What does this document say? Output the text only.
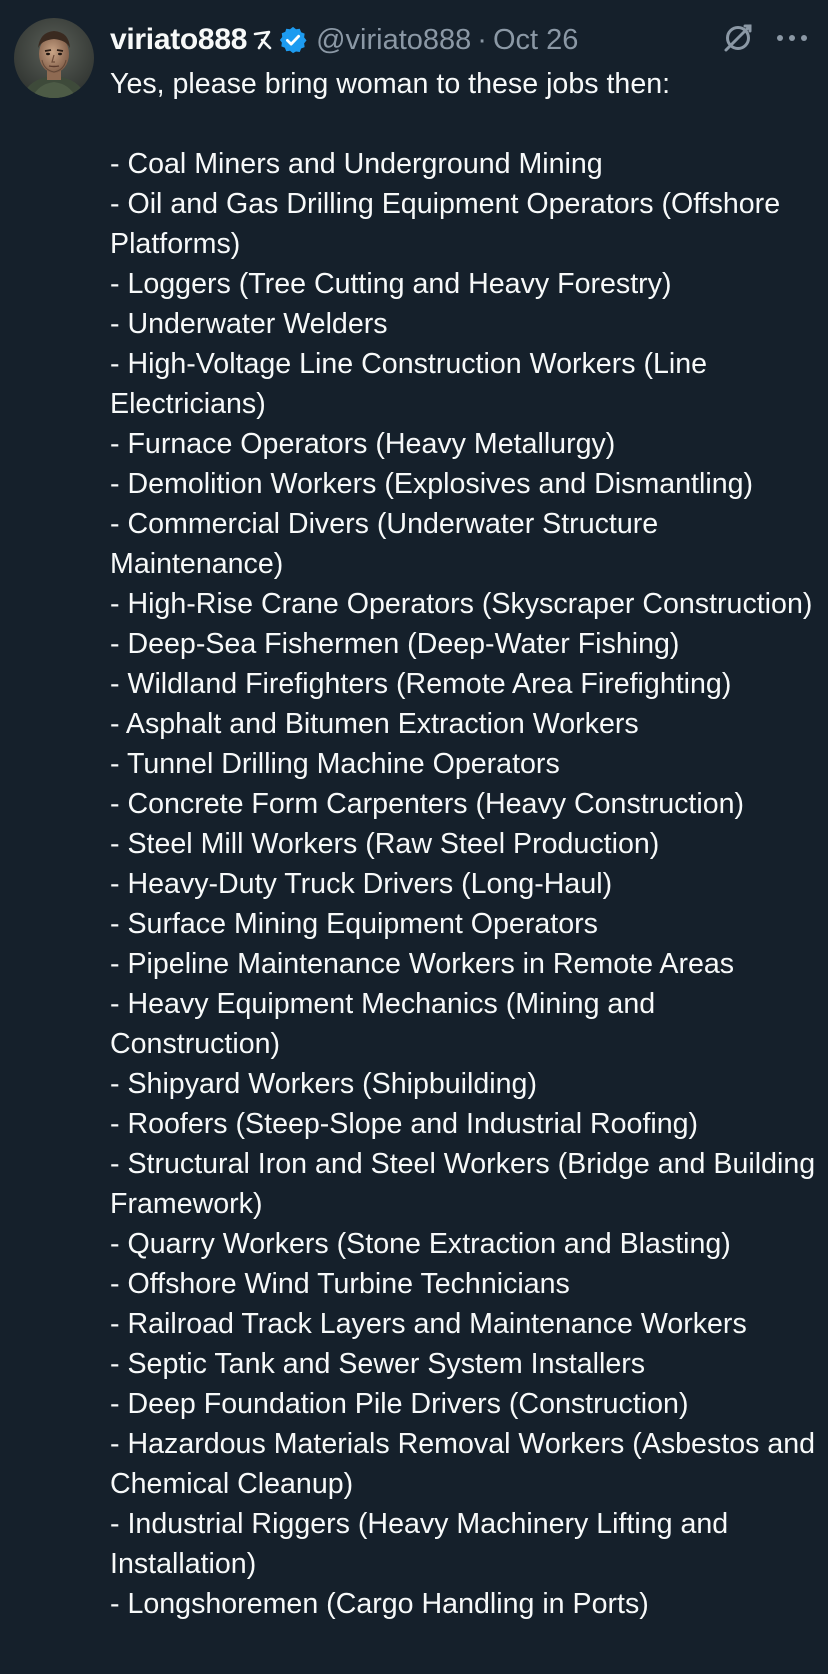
viriato888 @viriato888 · Oct 26

Yes, please bring woman to these jobs then:

- Coal Miners and Underground Mining
- Oil and Gas Drilling Equipment Operators (Offshore Platforms)
- Loggers (Tree Cutting and Heavy Forestry)
- Underwater Welders
- High-Voltage Line Construction Workers (Line Electricians)
- Furnace Operators (Heavy Metallurgy)
- Demolition Workers (Explosives and Dismantling)
- Commercial Divers (Underwater Structure Maintenance)
- High-Rise Crane Operators (Skyscraper Construction)
- Deep-Sea Fishermen (Deep-Water Fishing)
- Wildland Firefighters (Remote Area Firefighting)
- Asphalt and Bitumen Extraction Workers
- Tunnel Drilling Machine Operators
- Concrete Form Carpenters (Heavy Construction)
- Steel Mill Workers (Raw Steel Production)
- Heavy-Duty Truck Drivers (Long-Haul)
- Surface Mining Equipment Operators
- Pipeline Maintenance Workers in Remote Areas
- Heavy Equipment Mechanics (Mining and Construction)
- Shipyard Workers (Shipbuilding)
- Roofers (Steep-Slope and Industrial Roofing)
- Structural Iron and Steel Workers (Bridge and Building Framework)
- Quarry Workers (Stone Extraction and Blasting)
- Offshore Wind Turbine Technicians
- Railroad Track Layers and Maintenance Workers
- Septic Tank and Sewer System Installers
- Deep Foundation Pile Drivers (Construction)
- Hazardous Materials Removal Workers (Asbestos and Chemical Cleanup)
- Industrial Riggers (Heavy Machinery Lifting and Installation)
- Longshoremen (Cargo Handling in Ports)
